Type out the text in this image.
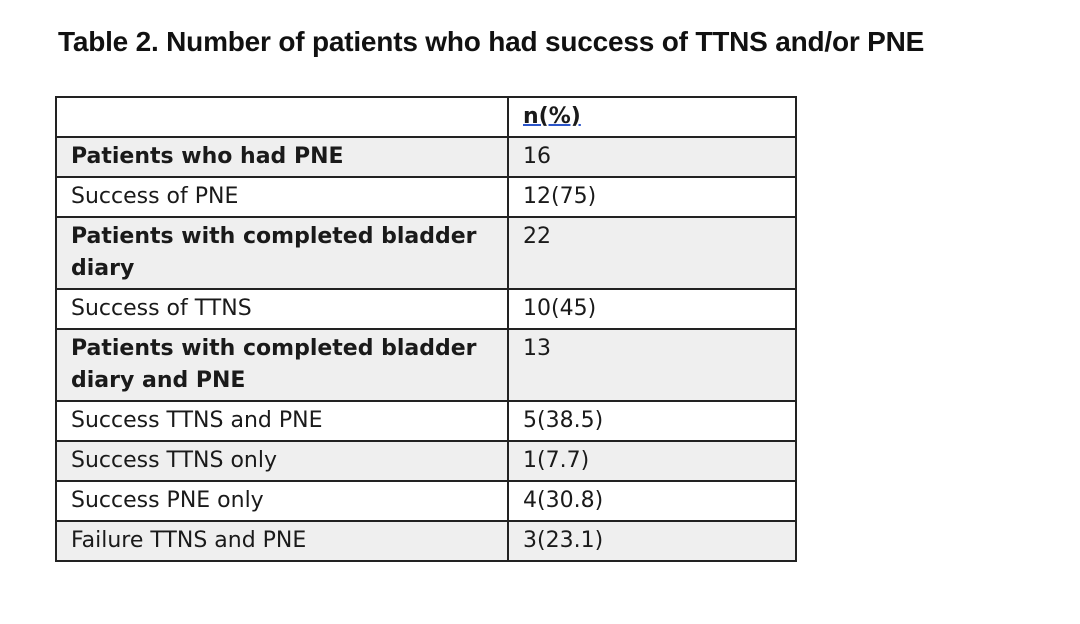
Table 2. Number of patients who had success of TTNS and/or PNE
	n(%)
Patients who had PNE	16
Success of PNE	12(75)
Patients with completed bladder diary	22
Success of TTNS	10(45)
Patients with completed bladder diary and PNE	13
Success TTNS and PNE	5(38.5)
Success TTNS only	1(7.7)
Success PNE only	4(30.8)
Failure TTNS and PNE	3(23.1)
